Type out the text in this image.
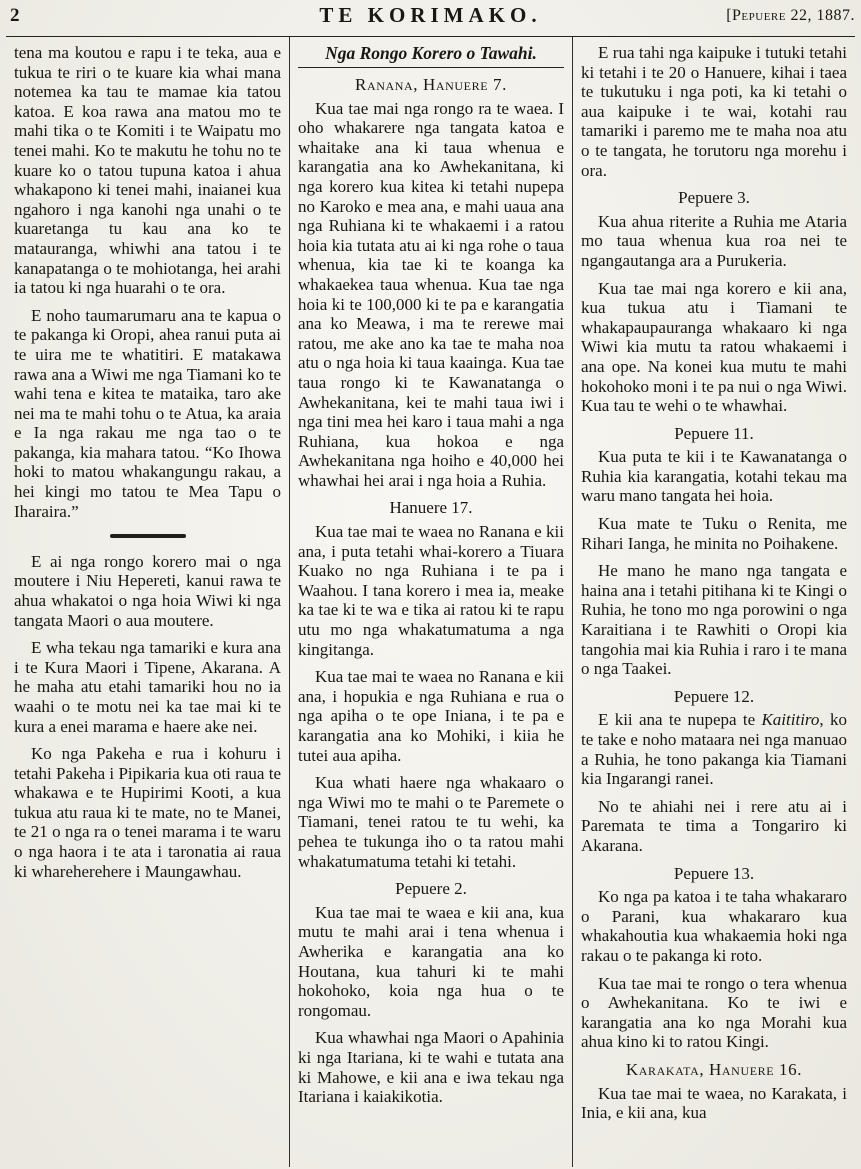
2	TE KORIMAKO.	[Pepuere 22, 1887.

tena ma koutou e rapu i te teka, aua e tukua te riri o te kuare kia whai mana notemea ka tau te mamae kia tatou katoa. E koa rawa ana matou mo te mahi tika o te Komiti i te Waipatu mo tenei mahi. Ko te makutu he tohu no te kuare ko o tatou tupuna katoa i ahua whakapono ki tenei mahi, inaianei kua ngahoro i nga kanohi nga unahi o te kuaretanga tu kau ana ko te matauranga, whiwhi ana tatou i te kanapatanga o te mohiotanga, hei arahi ia tatou ki nga huarahi o te ora.

E noho taumarumaru ana te kapua o te pakanga ki Oropi, ahea ranui puta ai te uira me te whatitiri. E matakawa rawa ana a Wiwi me nga Tiamani ko te wahi tena e kitea te mataika, taro ake nei ma te mahi tohu o te Atua, ka araia e Ia nga rakau me nga tao o te pakanga, kia mahara tatou. “Ko Ihowa hoki to matou whakangungu rakau, a hei kingi mo tatou te Mea Tapu o Iharaira.”

E ai nga rongo korero mai o nga moutere i Niu Hepereti, kanui rawa te ahua whakatoi o nga hoia Wiwi ki nga tangata Maori o aua moutere.

E wha tekau nga tamariki e kura ana i te Kura Maori i Tipene, Akarana. A he maha atu etahi tamariki hou no ia waahi o te motu nei ka tae mai ki te kura a enei marama e haere ake nei.

Ko nga Pakeha e rua i kohuru i tetahi Pakeha i Pipikaria kua oti raua te whakawa e te Hupirimi Kooti, a kua tukua atu raua ki te mate, no te Manei, te 21 o nga ra o tenei marama i te waru o nga haora i te ata i taronatia ai raua ki whareherehere i Maungawhau.

Nga Rongo Korero o Tawahi.
Ranana, Hanuere 7.

Kua tae mai nga rongo ra te waea. I oho whakarere nga tangata katoa e whaitake ana ki taua whenua e karangatia ana ko Awhekanitana, ki nga korero kua kitea ki tetahi nupepa no Karoko e mea ana, e mahi uaua ana nga Ruhiana ki te whakaemi i a ratou hoia kia tutata atu ai ki nga rohe o taua whenua, kia tae ki te koanga ka whakaekea taua whenua. Kua tae nga hoia ki te 100,000 ki te pa e karangatia ana ko Meawa, i ma te rerewe mai ratou, me ake ano ka tae te maha noa atu o nga hoia ki taua kaainga. Kua tae taua rongo ki te Kawanatanga o Awhekanitana, kei te mahi taua iwi i nga tini mea hei karo i taua mahi a nga Ruhiana, kua hokoa e nga Awhekanitana nga hoiho e 40,000 hei whawhai hei arai i nga hoia a Ruhia.

Hanuere 17.

Kua tae mai te waea no Ranana e kii ana, i puta tetahi whai-korero a Tiuara Kuako no nga Ruhiana i te pa i Waahou. I tana korero i mea ia, meake ka tae ki te wa e tika ai ratou ki te rapu utu mo nga whakatumatuma a nga kingitanga.

Kua tae mai te waea no Ranana e kii ana, i hopukia e nga Ruhiana e rua o nga apiha o te ope Iniana, i te pa e karangatia ana ko Mohiki, i kiia he tutei aua apiha.

Kua whati haere nga whakaaro o nga Wiwi mo te mahi o te Paremete o Tiamani, tenei ratou te tu wehi, ka pehea te tukunga iho o ta ratou mahi whakatumatuma tetahi ki tetahi.

Pepuere 2.

Kua tae mai te waea e kii ana, kua mutu te mahi arai i tena whenua i Awherika e karangatia ana ko Houtana, kua tahuri ki te mahi hokohoko, koia nga hua o te rongomau.

Kua whawhai nga Maori o Apahinia ki nga Itariana, ki te wahi e tutata ana ki Mahowe, e kii ana e iwa tekau nga Itariana i kaiakikotia.

E rua tahi nga kaipuke i tutuki tetahi ki tetahi i te 20 o Hanuere, kihai i taea te tukutuku i nga poti, ka ki tetahi o aua kaipuke i te wai, kotahi rau tamariki i paremo me te maha noa atu o te tangata, he torutoru nga morehu i ora.

Pepuere 3.

Kua ahua riterite a Ruhia me Ataria mo taua whenua kua roa nei te ngangautanga ara a Purukeria.

Kua tae mai nga korero e kii ana, kua tukua atu i Tiamani te whakapaupauranga whakaaro ki nga Wiwi kia mutu ta ratou whakaemi i ana ope. Na konei kua mutu te mahi hokohoko moni i te pa nui o nga Wiwi. Kua tau te wehi o te whawhai.

Pepuere 11.

Kua puta te kii i te Kawanatanga o Ruhia kia karangatia, kotahi tekau ma waru mano tangata hei hoia.

Kua mate te Tuku o Renita, me Rihari Ianga, he minita no Poihakene.

He mano he mano nga tangata e haina ana i tetahi pitihana ki te Kingi o Ruhia, he tono mo nga porowini o nga Karaitiana i te Rawhiti o Oropi kia tangohia mai kia Ruhia i raro i te mana o nga Taakei.

Pepuere 12.

E kii ana te nupepa te Kaititiro, ko te take e noho mataara nei nga manuao a Ruhia, he tono pakanga kia Tiamani kia Ingarangi ranei.

No te ahiahi nei i rere atu ai i Paremata te tima a Tongariro ki Akarana.

Pepuere 13.

Ko nga pa katoa i te taha whakararo o Parani, kua whakararo kua whakahoutia kua whakaemia hoki nga rakau o te pakanga ki roto.

Kua tae mai te rongo o tera whenua o Awhekanitana. Ko te iwi e karangatia ana ko nga Morahi kua ahua kino ki to ratou Kingi.

Karakata, Hanuere 16.

Kua tae mai te waea, no Karakata, i Inia, e kii ana, kua
